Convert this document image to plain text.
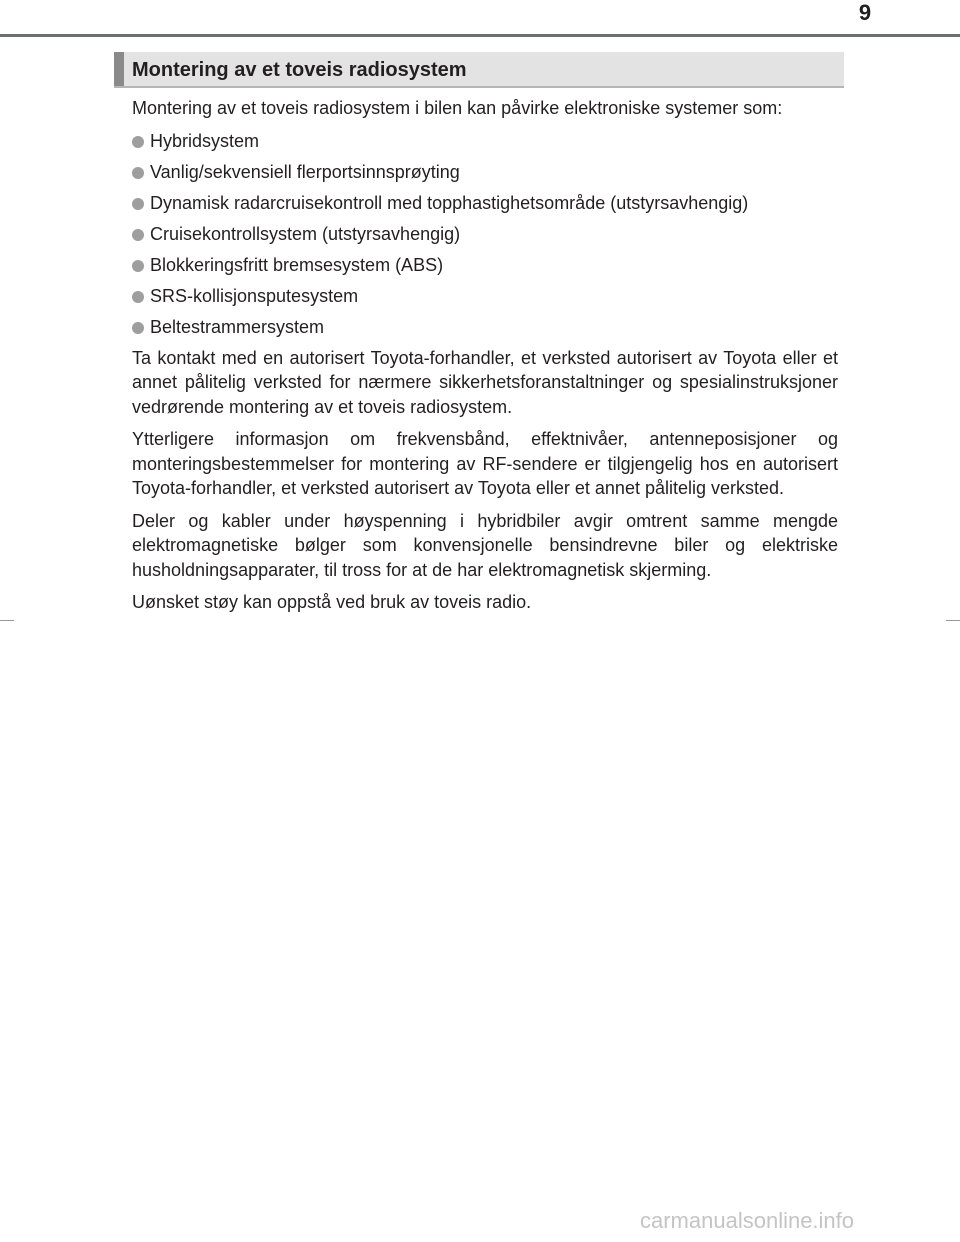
9
Montering av et toveis radiosystem

Montering av et toveis radiosystem i bilen kan påvirke elektroniske systemer som:

Hybridsystem
Vanlig/sekvensiell flerportsinnsprøyting
Dynamisk radarcruisekontroll med topphastighetsområde (utstyrsavhengig)
Cruisekontrollsystem (utstyrsavhengig)
Blokkeringsfritt bremsesystem (ABS)
SRS-kollisjonsputesystem
Beltestrammersystem

Ta kontakt med en autorisert Toyota-forhandler, et verksted autorisert av Toyota eller et annet pålitelig verksted for nærmere sikkerhetsforanstaltninger og spesialinstruksjoner vedrørende montering av et toveis radiosystem.

Ytterligere informasjon om frekvensbånd, effektnivåer, antenneposisjoner og monteringsbestemmelser for montering av RF-sendere er tilgjengelig hos en autorisert Toyota-forhandler, et verksted autorisert av Toyota eller et annet pålitelig verksted.

Deler og kabler under høyspenning i hybridbiler avgir omtrent samme mengde elektromagnetiske bølger som konvensjonelle bensindrevne biler og elektriske husholdningsapparater, til tross for at de har elektromagnetisk skjerming.

Uønsket støy kan oppstå ved bruk av toveis radio.

carmanualsonline.info
